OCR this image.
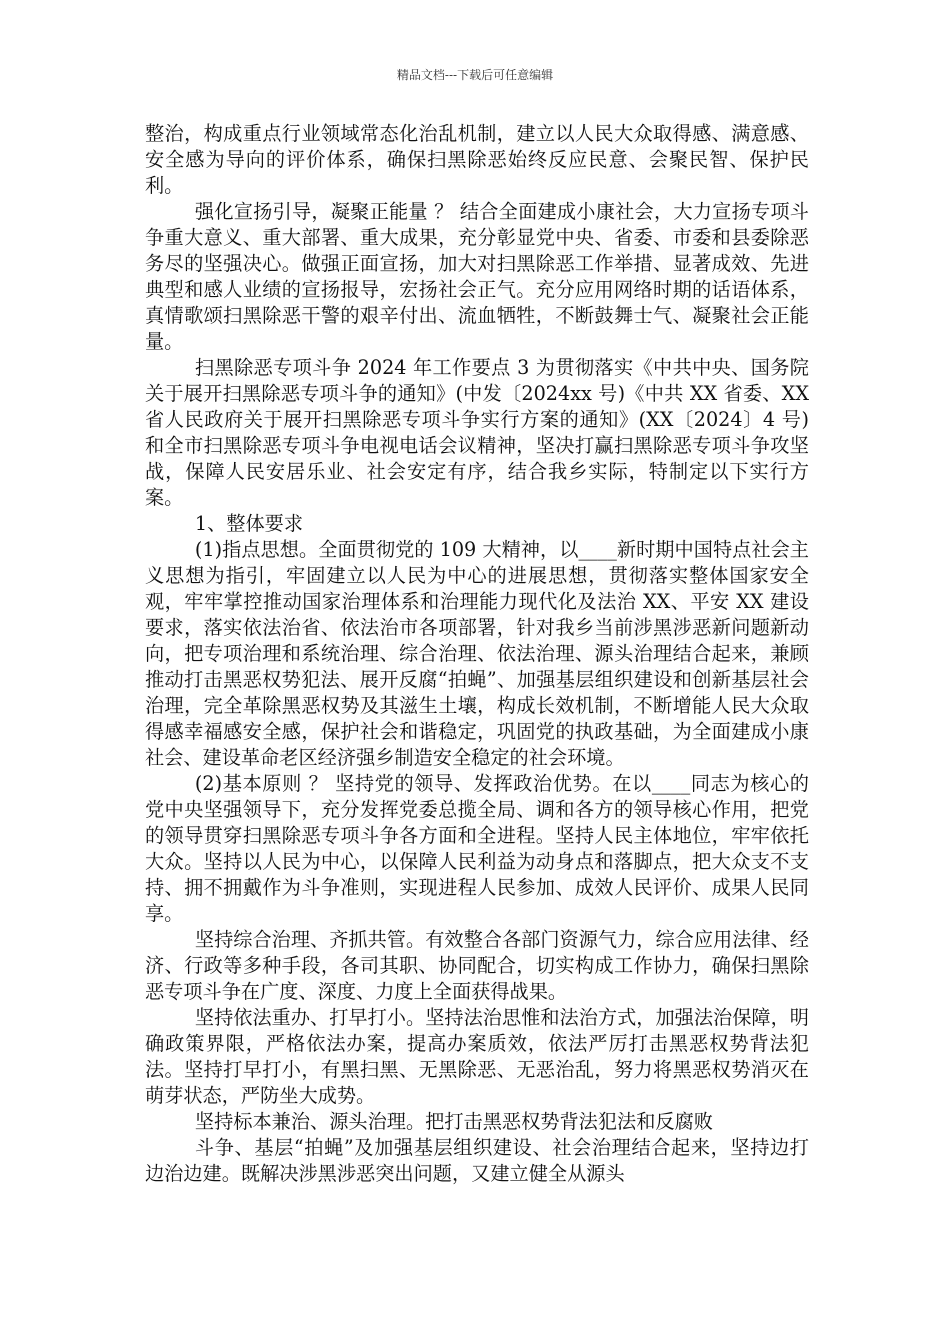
精品文档---下载后可任意编辑

整治，构成重点行业领域常态化治乱机制，建立以人民大众取得感、满意感、安全感为导向的评价体系，确保扫黑除恶始终反应民意、会聚民智、保护民利。

强化宣扬引导，凝聚正能量 ？ 结合全面建成小康社会，大力宣扬专项斗争重大意义、重大部署、重大成果，充分彰显党中央、省委、市委和县委除恶务尽的坚强决心。做强正面宣扬，加大对扫黑除恶工作举措、显著成效、先进典型和感人业绩的宣扬报导，宏扬社会正气。充分应用网络时期的话语体系，真情歌颂扫黑除恶干警的艰辛付出、流血牺牲，不断鼓舞士气、凝聚社会正能量。

扫黑除恶专项斗争 2024 年工作要点 3 为贯彻落实《中共中央、国务院关于展开扫黑除恶专项斗争的通知》(中发〔2024xx 号)《中共 XX 省委、XX 省人民政府关于展开扫黑除恶专项斗争实行方案的通知》(XX〔2024〕4 号)和全市扫黑除恶专项斗争电视电话会议精神，坚决打赢扫黑除恶专项斗争攻坚战，保障人民安居乐业、社会安定有序，结合我乡实际，特制定以下实行方案。

1、整体要求

(1)指点思想。全面贯彻党的 109 大精神，以____新时期中国特点社会主义思想为指引，牢固建立以人民为中心的进展思想，贯彻落实整体国家安全观，牢牢掌控推动国家治理体系和治理能力现代化及法治 XX、平安 XX 建设要求，落实依法治省、依法治市各项部署，针对我乡当前涉黑涉恶新问题新动向，把专项治理和系统治理、综合治理、依法治理、源头治理结合起来，兼顾推动打击黑恶权势犯法、展开反腐“拍蝇”、加强基层组织建设和创新基层社会治理，完全革除黑恶权势及其滋生土壤，构成长效机制，不断增能人民大众取得感幸福感安全感，保护社会和谐稳定，巩固党的执政基础，为全面建成小康社会、建设革命老区经济强乡制造安全稳定的社会环境。

(2)基本原则 ？ 坚持党的领导、发挥政治优势。在以____同志为核心的党中央坚强领导下，充分发挥党委总揽全局、调和各方的领导核心作用，把党的领导贯穿扫黑除恶专项斗争各方面和全进程。坚持人民主体地位，牢牢依托大众。坚持以人民为中心，以保障人民利益为动身点和落脚点，把大众支不支持、拥不拥戴作为斗争准则，实现进程人民参加、成效人民评价、成果人民同享。

坚持综合治理、齐抓共管。有效整合各部门资源气力，综合应用法律、经济、行政等多种手段，各司其职、协同配合，切实构成工作协力，确保扫黑除恶专项斗争在广度、深度、力度上全面获得战果。

坚持依法重办、打早打小。坚持法治思惟和法治方式，加强法治保障，明确政策界限，严格依法办案，提高办案质效，依法严厉打击黑恶权势背法犯法。坚持打早打小，有黑扫黑、无黑除恶、无恶治乱，努力将黑恶权势消灭在萌芽状态，严防坐大成势。

坚持标本兼治、源头治理。把打击黑恶权势背法犯法和反腐败

斗争、基层“拍蝇”及加强基层组织建设、社会治理结合起来，坚持边打边治边建。既解决涉黑涉恶突出问题，又建立健全从源头
